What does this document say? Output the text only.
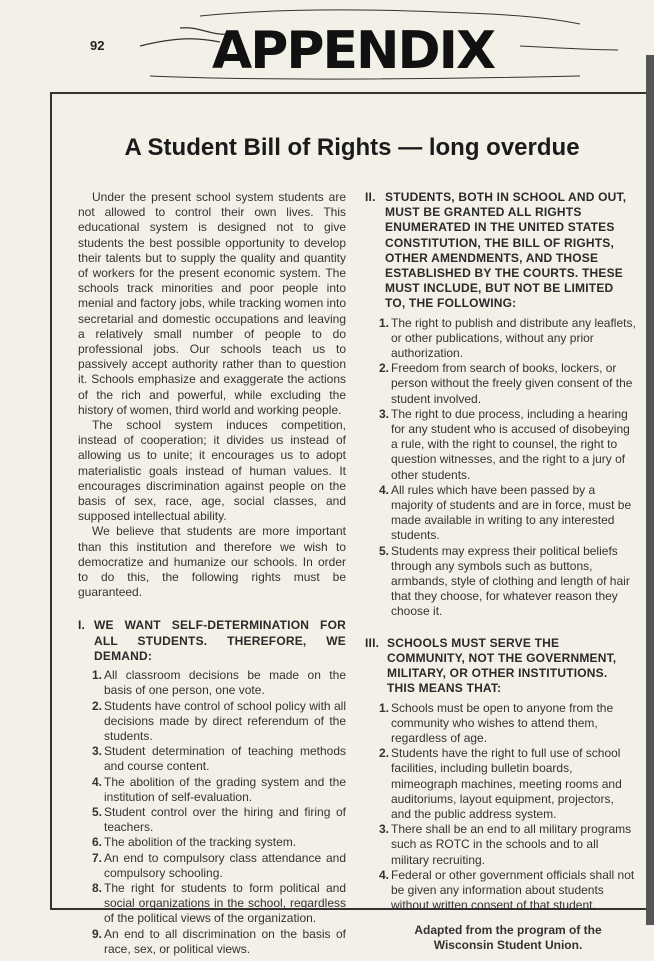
92 APPENDIX
A Student Bill of Rights — long overdue

Under the present school system students are not allowed to control their own lives. This educational system is designed not to give students the best possible opportunity to develop their talents but to supply the quality and quantity of workers for the present economic system. The schools track minorities and poor people into menial and factory jobs, while tracking women into secretarial and domestic occupations and leaving a relatively small number of people to do professional jobs. Our schools teach us to passively accept authority rather than to question it. Schools emphasize and exaggerate the actions of the rich and powerful, while excluding the history of women, third world and working people.

The school system induces competition, instead of cooperation; it divides us instead of allowing us to unite; it encourages us to adopt materialistic goals instead of human values. It encourages discrimination against people on the basis of sex, race, age, social classes, and supposed intellectual ability.

We believe that students are more important than this institution and therefore we wish to democratize and humanize our schools. In order to do this, the following rights must be guaranteed.

I. WE WANT SELF-DETERMINATION FOR ALL STUDENTS. THEREFORE, WE DEMAND:
1. All classroom decisions be made on the basis of one person, one vote.
2. Students have control of school policy with all decisions made by direct referendum of the students.
3. Student determination of teaching methods and course content.
4. The abolition of the grading system and the institution of self-evaluation.
5. Student control over the hiring and firing of teachers.
6. The abolition of the tracking system.
7. An end to compulsory class attendance and compulsory schooling.
8. The right for students to form political and social organizations in the school, regardless of the political views of the organization.
9. An end to all discrimination on the basis of race, sex, or political views.
II. STUDENTS, BOTH IN SCHOOL AND OUT, MUST BE GRANTED ALL RIGHTS ENUMERATED IN THE UNITED STATES CONSTITUTION, THE BILL OF RIGHTS, OTHER AMENDMENTS, AND THOSE ESTABLISHED BY THE COURTS. THESE MUST INCLUDE, BUT NOT BE LIMITED TO, THE FOLLOWING:
1. The right to publish and distribute any leaflets, or other publications, without any prior authorization.
2. Freedom from search of books, lockers, or person without the freely given consent of the student involved.
3. The right to due process, including a hearing for any student who is accused of disobeying a rule, with the right to counsel, the right to question witnesses, and the right to a jury of other students.
4. All rules which have been passed by a majority of students and are in force, must be made available in writing to any interested students.
5. Students may express their political beliefs through any symbols such as buttons, armbands, style of clothing and length of hair that they choose, for whatever reason they choose it.
III. SCHOOLS MUST SERVE THE COMMUNITY, NOT THE GOVERNMENT, MILITARY, OR OTHER INSTITUTIONS. THIS MEANS THAT:
1. Schools must be open to anyone from the community who wishes to attend them, regardless of age.
2. Students have the right to full use of school facilities, including bulletin boards, mimeograph machines, meeting rooms and auditoriums, layout equipment, projectors, and the public address system.
3. There shall be an end to all military programs such as ROTC in the schools and to all military recruiting.
4. Federal or other government officials shall not be given any information about students without written consent of that student.
Adapted from the program of the
Wisconsin Student Union.
